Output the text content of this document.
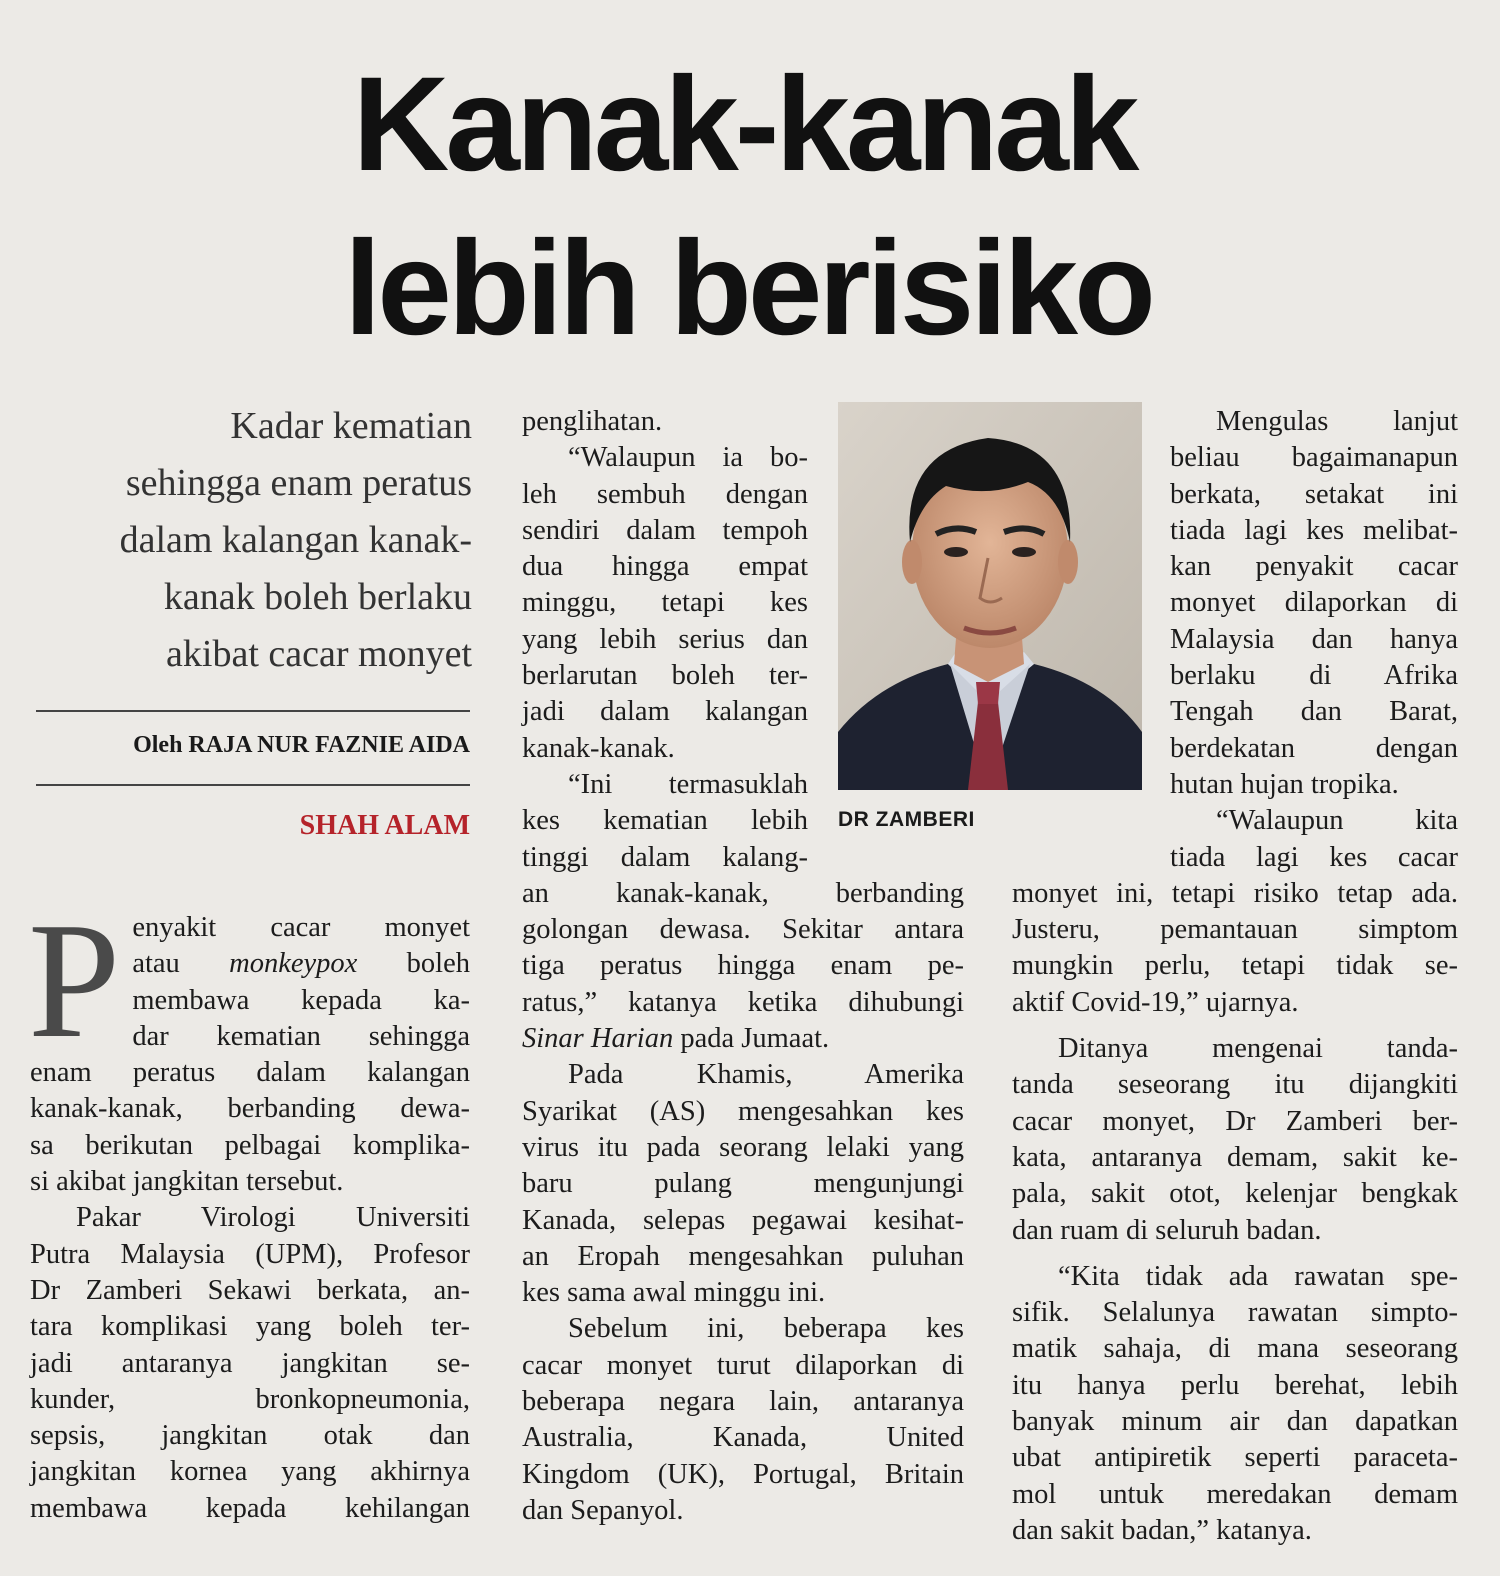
Kanak-kanak
lebih berisiko
Kadar kematian
sehingga enam peratus
dalam kalangan kanak-
kanak boleh berlaku
akibat cacar monyet
Oleh RAJA NUR FAZNIE AIDA
SHAH ALAM

P enyakit cacar monyet
atau monkeypox boleh
membawa kepada ka-
dar kematian sehingga
enam peratus dalam kalangan
kanak-kanak, berbanding dewa-
sa berikutan pelbagai komplika-
si akibat jangkitan tersebut.

Pakar Virologi Universiti
Putra Malaysia (UPM), Profesor
Dr Zamberi Sekawi berkata, an-
tara komplikasi yang boleh ter-
jadi antaranya jangkitan se-
kunder, bronkopneumonia,
sepsis, jangkitan otak dan
jangkitan kornea yang akhirnya
membawa kepada kehilangan

penglihatan.

“Walaupun ia bo-
leh sembuh dengan
sendiri dalam tempoh
dua hingga empat
minggu, tetapi kes
yang lebih serius dan
berlarutan boleh ter-
jadi dalam kalangan
kanak-kanak.

“Ini termasuklah
kes kematian lebih
tinggi dalam kalang-
an kanak-kanak, berbanding
golongan dewasa. Sekitar antara
tiga peratus hingga enam pe-
ratus,” katanya ketika dihubungi
Sinar Harian pada Jumaat.

Pada Khamis, Amerika
Syarikat (AS) mengesahkan kes
virus itu pada seorang lelaki yang
baru pulang mengunjungi
Kanada, selepas pegawai kesihat-
an Eropah mengesahkan puluhan
kes sama awal minggu ini.

Sebelum ini, beberapa kes
cacar monyet turut dilaporkan di
beberapa negara lain, antaranya
Australia, Kanada, United
Kingdom (UK), Portugal, Britain
dan Sepanyol.

DR ZAMBERI

Mengulas lanjut
beliau bagaimanapun
berkata, setakat ini
tiada lagi kes melibat-
kan penyakit cacar
monyet dilaporkan di
Malaysia dan hanya
berlaku di Afrika
Tengah dan Barat,
berdekatan dengan
hutan hujan tropika.

“Walaupun kita
tiada lagi kes cacar
monyet ini, tetapi risiko tetap ada.
Justeru, pemantauan simptom
mungkin perlu, tetapi tidak se-
aktif Covid-19,” ujarnya.

Ditanya mengenai tanda-
tanda seseorang itu dijangkiti
cacar monyet, Dr Zamberi ber-
kata, antaranya demam, sakit ke-
pala, sakit otot, kelenjar bengkak
dan ruam di seluruh badan.

“Kita tidak ada rawatan spe-
sifik. Selalunya rawatan simpto-
matik sahaja, di mana seseorang
itu hanya perlu berehat, lebih
banyak minum air dan dapatkan
ubat antipiretik seperti paraceta-
mol untuk meredakan demam
dan sakit badan,” katanya.
